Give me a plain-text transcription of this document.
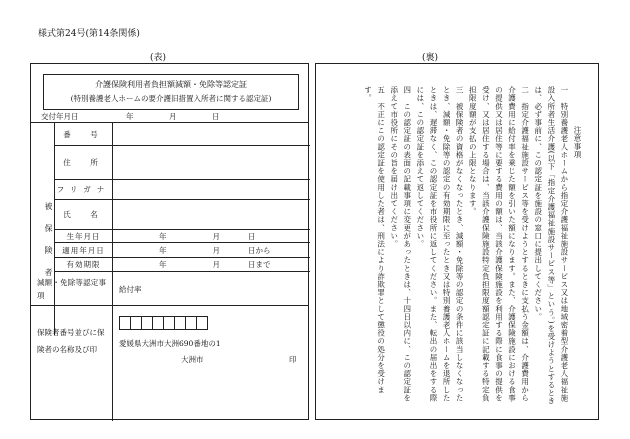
様式第24号(第14条関係)
(表)	(裏)
介護保険利用者負担額減額・免除等認定証
(特別養護老人ホームの要介護旧措置入所者に関する認定証)
交付年月日	年　月　日
被保険者
番　号
住　所
フリガナ
氏　名
生年月日	年	月	日
適用年月日	年	月	日から
有効期限	年	月	日まで
減額・免除等認定事項
給付率
保険者番号並びに保険者の名称及び印
愛媛県大洲市大洲690番地の1
大洲市	印

注意事項

一　特別養護老人ホームから指定介護福祉施設サービス又は地域密着型介護老人福祉施設入所者生活介護(以下「指定介護福祉施設サービス等」という。)を受けようとするときは、必ず事前に、この認定証を施設の窓口に提出してください。

二　指定介護福祉施設サービス等を受けようとするときに支払う金額は、介護費用から介護費用に給付率を乗じた額を引いた額になります。また、介護保険施設における食事の提供又は居住等に要する費用の額は、当該介護保険施設を利用する際に食事の提供を受け、又は居住する場合は、当該介護保険施設特定負担限度額認定証に記載する特定負担限度額が支払の上限となります。

三　被保険者の資格がなくなったとき、減額・免除等の認定の条件に該当しなくなったとき、減額・免除等の認定の有効期限に至ったとき又は特別養護老人ホームを退所したときは、遅滞なく、この認定証を市役所に返してください。また、転出の届出をする際には、この認定証を添えて返してください。

四　この認定証の表面の記載事項に変更があったときは、十四日以内に、この認定証を添えて市役所にその旨を届け出てください。

五　不正にこの認定証を使用した者は、刑法により詐欺罪として懲役の処分を受けます。
